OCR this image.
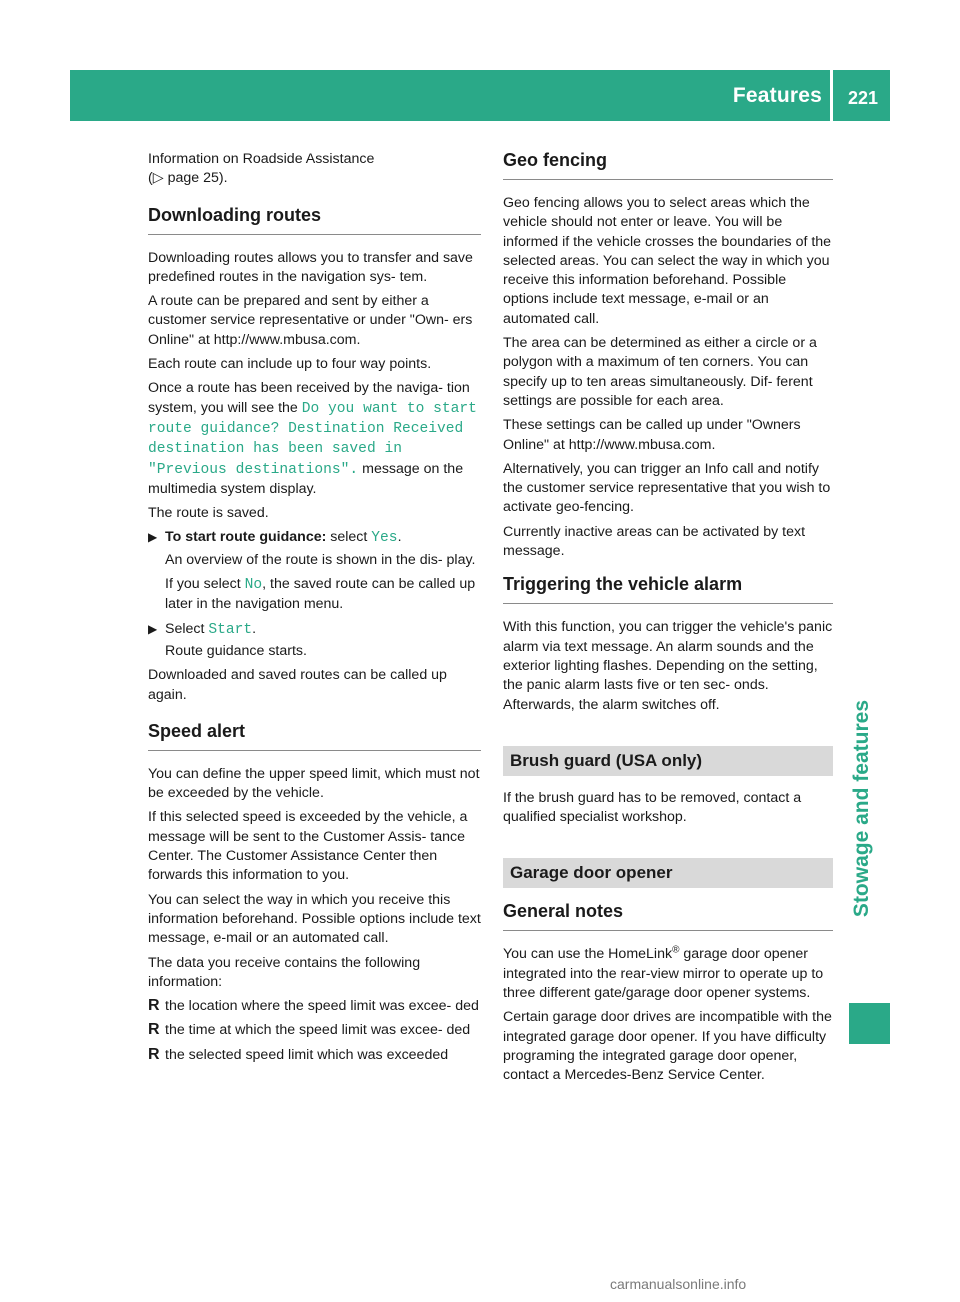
Features	221
Stowage and features

Information on Roadside Assistance
(▷ page 25).

Downloading routes

Downloading routes allows you to transfer and save predefined routes in the navigation sys- tem.

A route can be prepared and sent by either a customer service representative or under "Own- ers Online" at http://www.mbusa.com.

Each route can include up to four way points.

Once a route has been received by the naviga- tion system, you will see the Do you want to start route guidance? Destination Received destination has been saved in "Previous destinations". message on the multimedia system display.

The route is saved.

▶ To start route guidance: select Yes.

An overview of the route is shown in the dis- play.

If you select No, the saved route can be called up later in the navigation menu.

▶ Select Start.

Route guidance starts.

Downloaded and saved routes can be called up again.

Speed alert

You can define the upper speed limit, which must not be exceeded by the vehicle.

If this selected speed is exceeded by the vehicle, a message will be sent to the Customer Assis- tance Center. The Customer Assistance Center then forwards this information to you.

You can select the way in which you receive this information beforehand. Possible options include text message, e-mail or an automated call.

The data you receive contains the following information:

R the location where the speed limit was excee- ded

R the time at which the speed limit was excee- ded

R the selected speed limit which was exceeded

Geo fencing

Geo fencing allows you to select areas which the vehicle should not enter or leave. You will be informed if the vehicle crosses the boundaries of the selected areas. You can select the way in which you receive this information beforehand. Possible options include text message, e-mail or an automated call.

The area can be determined as either a circle or a polygon with a maximum of ten corners. You can specify up to ten areas simultaneously. Dif- ferent settings are possible for each area.

These settings can be called up under "Owners Online" at http://www.mbusa.com.

Alternatively, you can trigger an Info call and notify the customer service representative that you wish to activate geo-fencing.

Currently inactive areas can be activated by text message.

Triggering the vehicle alarm

With this function, you can trigger the vehicle's panic alarm via text message. An alarm sounds and the exterior lighting flashes. Depending on the setting, the panic alarm lasts five or ten sec- onds. Afterwards, the alarm switches off.

Brush guard (USA only)

If the brush guard has to be removed, contact a qualified specialist workshop.

Garage door opener
General notes

You can use the HomeLink® garage door opener integrated into the rear-view mirror to operate up to three different gate/garage door opener systems.

Certain garage door drives are incompatible with the integrated garage door opener. If you have difficulty programing the integrated garage door opener, contact a Mercedes-Benz Service Center.

carmanualsonline.info
